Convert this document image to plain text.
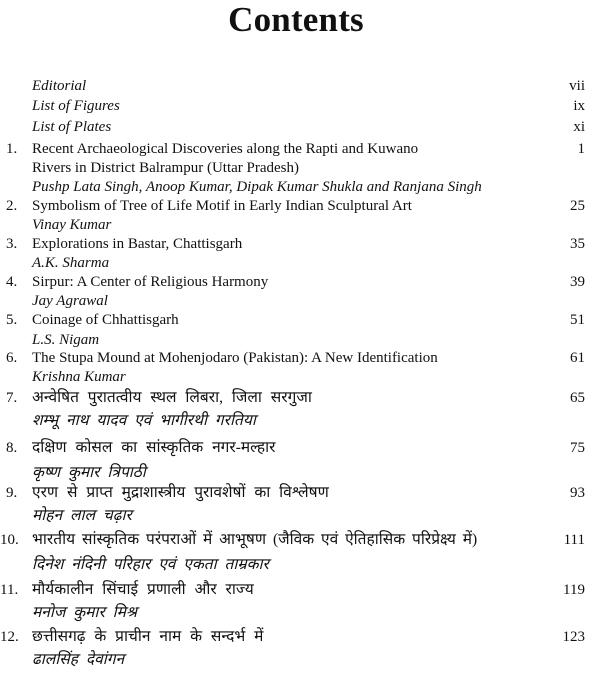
Contents
Editorial	vii
List of Figures	ix
List of Plates	xi
1. Recent Archaeological Discoveries along the Rapti and Kuwano	1
Rivers in District Balrampur (Uttar Pradesh)
Pushp Lata Singh, Anoop Kumar, Dipak Kumar Shukla and Ranjana Singh
2. Symbolism of Tree of Life Motif in Early Indian Sculptural Art	25
Vinay Kumar
3. Explorations in Bastar, Chattisgarh	35
A.K. Sharma
4. Sirpur: A Center of Religious Harmony	39
Jay Agrawal
5. Coinage of Chhattisgarh	51
L.S. Nigam
6. The Stupa Mound at Mohenjodaro (Pakistan): A New Identification	61
Krishna Kumar
7. अन्वेषित पुरातत्वीय स्थल लिबरा, जिला सरगुजा	65
शम्भू नाथ यादव एवं भागीरथी गरतिया
8. दक्षिण कोसल का सांस्कृतिक नगर-मल्हार	75
कृष्ण कुमार त्रिपाठी
9. एरण से प्राप्त मुद्राशास्त्रीय पुरावशेषों का विश्लेषण	93
मोहन लाल चढ़ार
10. भारतीय सांस्कृतिक परंपराओं में आभूषण (जैविक एवं ऐतिहासिक परिप्रेक्ष्य में)	111
दिनेश नंदिनी परिहार एवं एकता ताम्रकार
11. मौर्यकालीन सिंचाई प्रणाली और राज्य	119
मनोज कुमार मिश्र
12. छत्तीसगढ़ के प्राचीन नाम के सन्दर्भ में	123
ढालसिंह देवांगन
